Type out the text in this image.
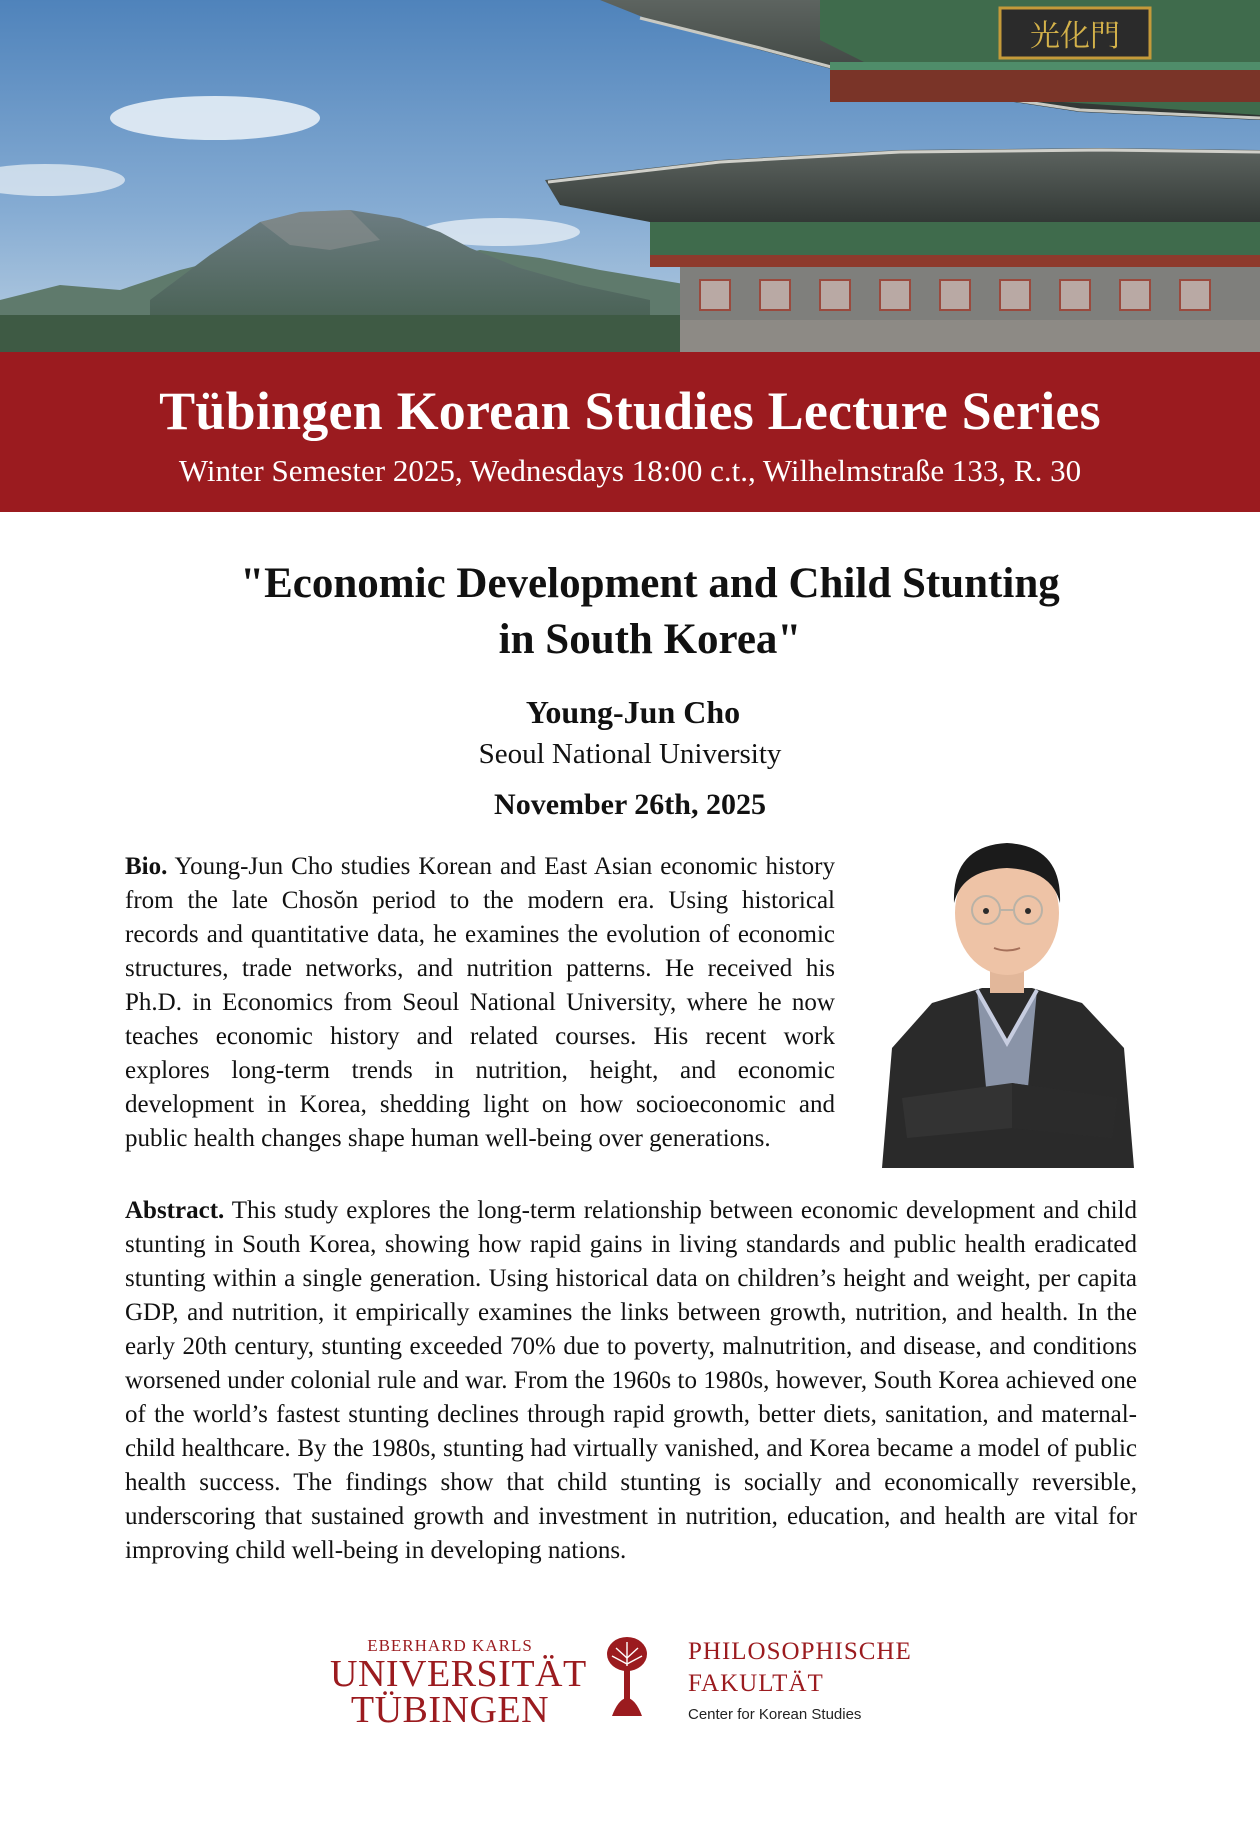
光化門
Tübingen Korean Studies Lecture Series
Winter Semester 2025, Wednesdays 18:00 c.t., Wilhelmstraße 133, R. 30
"Economic Development and Child Stunting
in South Korea"
Young-Jun Cho
Seoul National University
November 26th, 2025
Bio. Young-Jun Cho studies Korean and East Asian economic history from the late Chosŏn period to the modern era. Using historical records and quantitative data, he examines the evolution of economic structures, trade networks, and nutrition patterns. He received his Ph.D. in Economics from Seoul National University, where he now teaches economic history and related courses. His recent work explores long-term trends in nutrition, height, and economic development in Korea, shedding light on how socioeconomic and public health changes shape human well-being over generations.
Abstract. This study explores the long-term relationship between economic development and child stunting in South Korea, showing how rapid gains in living standards and public health eradicated stunting within a single generation. Using historical data on children’s height and weight, per capita GDP, and nutrition, it empirically examines the links between growth, nutrition, and health. In the early 20th century, stunting exceeded 70% due to poverty, malnutrition, and disease, and conditions worsened under colonial rule and war. From the 1960s to 1980s, however, South Korea achieved one of the world’s fastest stunting declines through rapid growth, better diets, sanitation, and maternal-child healthcare. By the 1980s, stunting had virtually vanished, and Korea became a model of public health success. The findings show that child stunting is socially and economically reversible, underscoring that sustained growth and investment in nutrition, education, and health are vital for improving child well-being in developing nations.
EBERHARD KARLS
UNIVERSITÄT
TÜBINGEN
PHILOSOPHISCHE
FAKULTÄT
Center for Korean Studies
